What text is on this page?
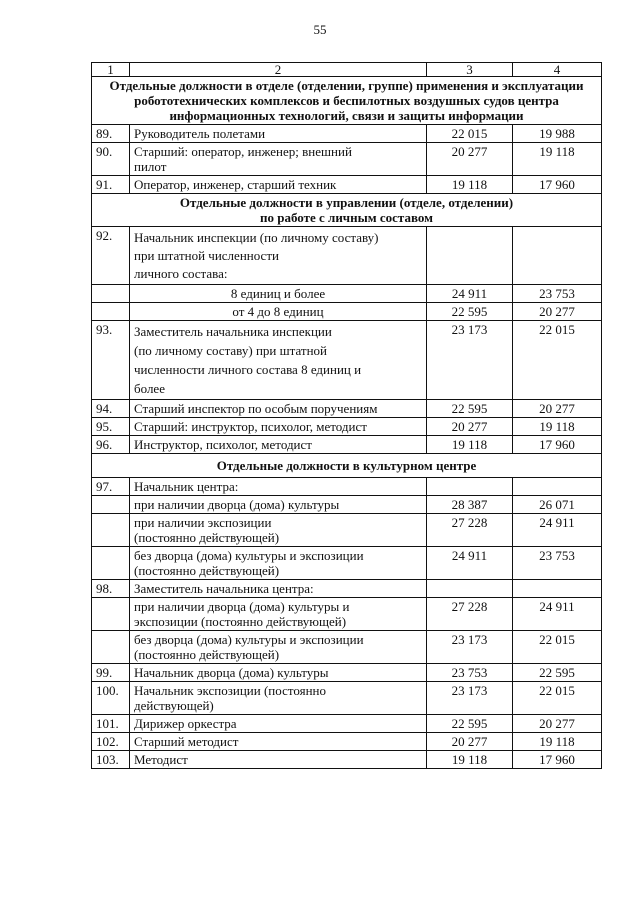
55
1	2	3	4
Отдельные должности в отделе (отделении, группе) применения и эксплуатации робототехнических комплексов и беспилотных воздушных судов центра информационных технологий, связи и защиты информации			
89.	Руководитель полетами	22 015	19 988
90.	Старший: оператор, инженер; внешний
пилот	20 277	19 118
91.	Оператор, инженер, старший техник	19 118	17 960

Отдельные должности в управлении (отделе, отделении)
по работе с личным составом			

92.	Начальник инспекции (по личному составу)
при штатной численности
личного состава:		

	8 единиц и более	24 911	23 753
	от 4 до 8 единиц	22 595	20 277
93.	Заместитель начальника инспекции
(по личному составу) при штатной
численности личного состава 8 единиц и
более	23 173	22 015
94.	Старший инспектор по особым поручениям	22 595	20 277
95.	Старший: инструктор, психолог, методист	20 277	19 118
96.	Инструктор, психолог, методист	19 118	17 960
Отдельные должности в культурном центре			
97.	Начальник центра:		
	при наличии дворца (дома) культуры	28 387	26 071

	при наличии экспозиции
(постоянно действующей)	27 228	24 911

	без дворца (дома) культуры и экспозиции
(постоянно действующей)	24 911	23 753
98.	Заместитель начальника центра:		

	при наличии дворца (дома) культуры и
экспозиции (постоянно действующей)	27 228	24 911

	без дворца (дома) культуры и экспозиции
(постоянно действующей)	23 173	22 015
99.	Начальник дворца (дома) культуры	23 753	22 595
100.	Начальник экспозиции (постоянно
действующей)	23 173	22 015
101.	Дирижер оркестра	22 595	20 277
102.	Старший методист	20 277	19 118
103.	Методист	19 118	17 960
